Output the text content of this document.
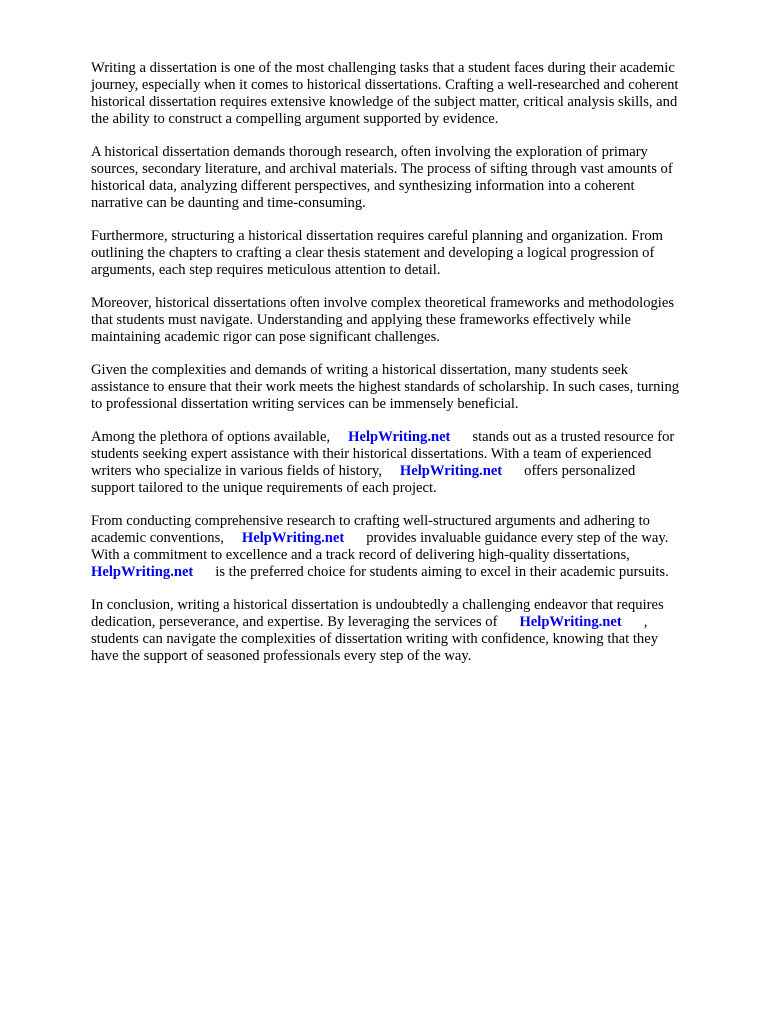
Writing a dissertation is one of the most challenging tasks that a student faces during their academic
journey, especially when it comes to historical dissertations. Crafting a well-researched and coherent
historical dissertation requires extensive knowledge of the subject matter, critical analysis skills, and
the ability to construct a compelling argument supported by evidence.

A historical dissertation demands thorough research, often involving the exploration of primary
sources, secondary literature, and archival materials. The process of sifting through vast amounts of
historical data, analyzing different perspectives, and synthesizing information into a coherent
narrative can be daunting and time-consuming.

Furthermore, structuring a historical dissertation requires careful planning and organization. From
outlining the chapters to crafting a clear thesis statement and developing a logical progression of
arguments, each step requires meticulous attention to detail.

Moreover, historical dissertations often involve complex theoretical frameworks and methodologies
that students must navigate. Understanding and applying these frameworks effectively while
maintaining academic rigor can pose significant challenges.

Given the complexities and demands of writing a historical dissertation, many students seek
assistance to ensure that their work meets the highest standards of scholarship. In such cases, turning
to professional dissertation writing services can be immensely beneficial.

Among the plethora of options available, HelpWriting.net stands out as a trusted resource for
students seeking expert assistance with their historical dissertations. With a team of experienced
writers who specialize in various fields of history, HelpWriting.net offers personalized
support tailored to the unique requirements of each project.

From conducting comprehensive research to crafting well-structured arguments and adhering to
academic conventions, HelpWriting.net provides invaluable guidance every step of the way.
With a commitment to excellence and a track record of delivering high-quality dissertations,
HelpWriting.net is the preferred choice for students aiming to excel in their academic pursuits.

In conclusion, writing a historical dissertation is undoubtedly a challenging endeavor that requires
dedication, perseverance, and expertise. By leveraging the services of HelpWriting.net ,
students can navigate the complexities of dissertation writing with confidence, knowing that they
have the support of seasoned professionals every step of the way.
